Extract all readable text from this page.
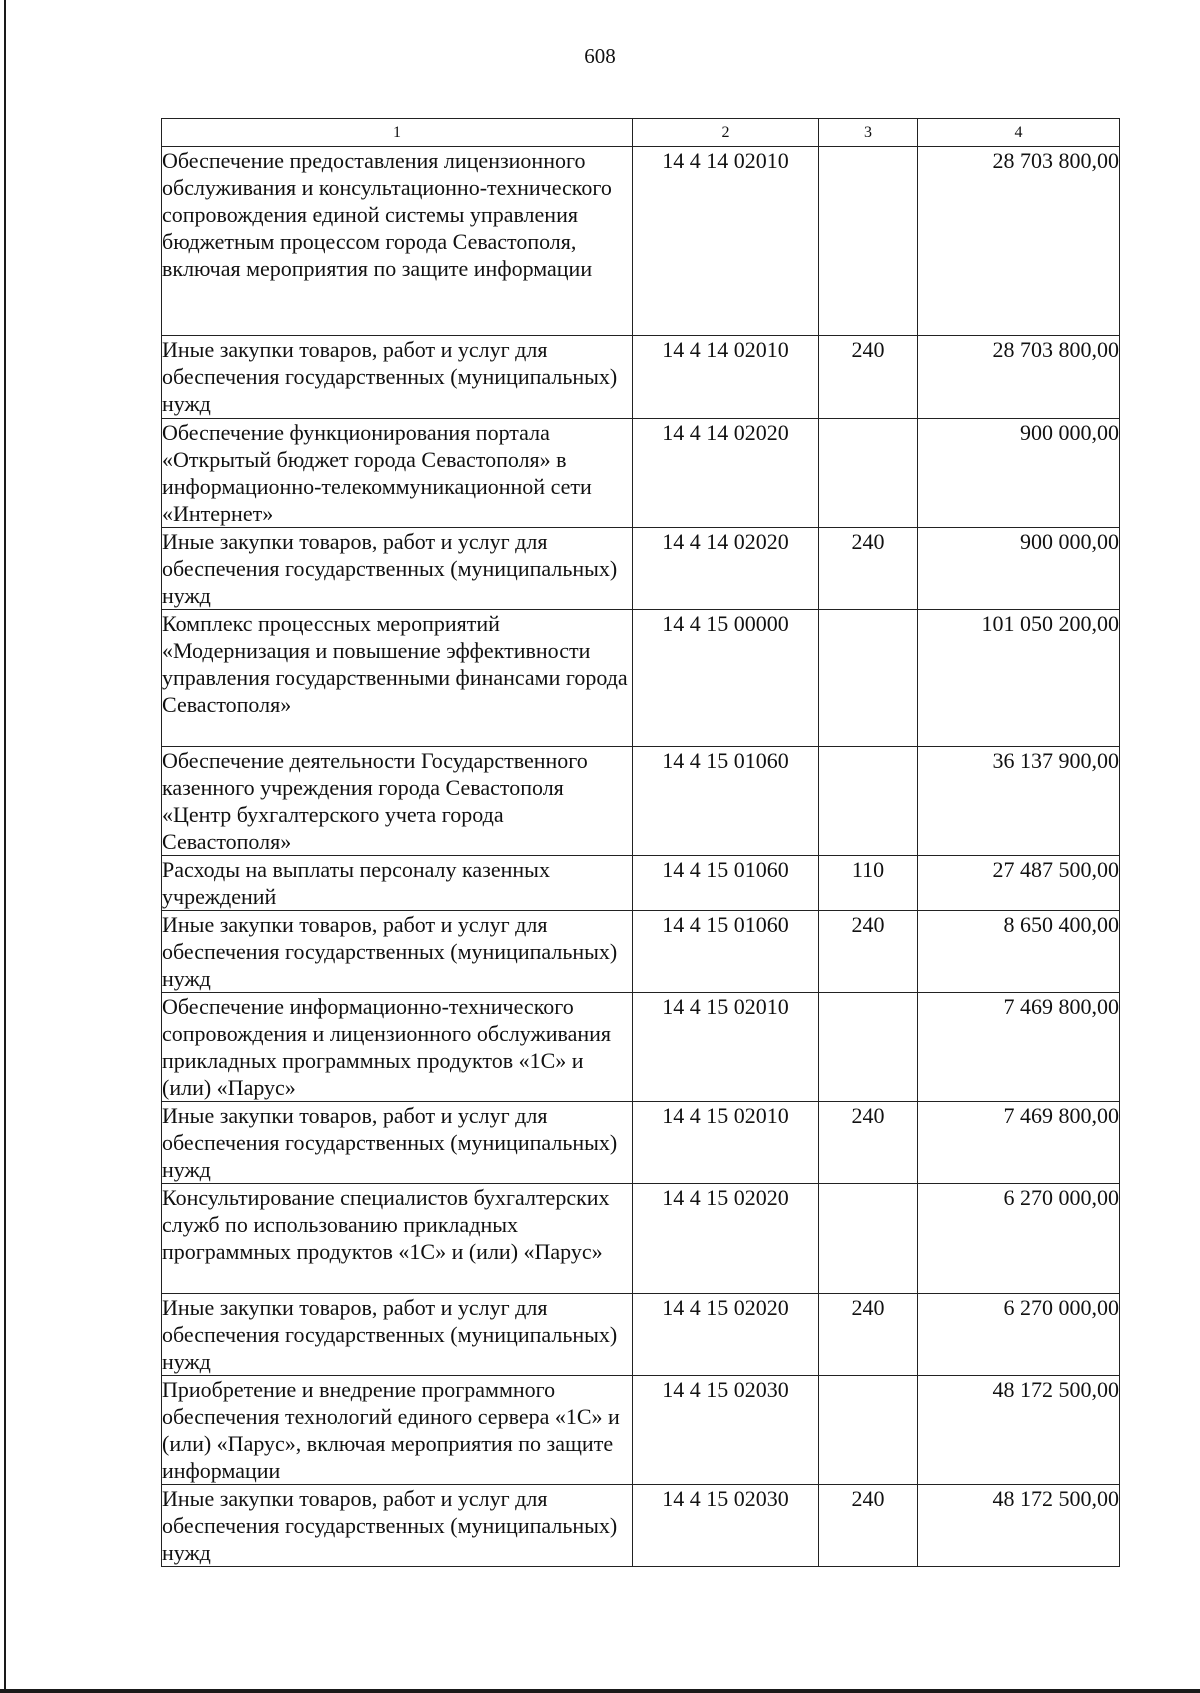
608
1	2	3	4
Обеспечение предоставления лицензионного обслуживания и консультационно-технического сопровождения единой системы управления бюджетным процессом города Севастополя, включая мероприятия по защите информации	14 4 14 02010		28 703 800,00
Иные закупки товаров, работ и услуг для обеспечения государственных (муниципальных) нужд	14 4 14 02010	240	28 703 800,00
Обеспечение функционирования портала «Открытый бюджет города Севастополя» в информационно-телекоммуникационной сети «Интернет»	14 4 14 02020		900 000,00
Иные закупки товаров, работ и услуг для обеспечения государственных (муниципальных) нужд	14 4 14 02020	240	900 000,00
Комплекс процессных мероприятий «Модернизация и повышение эффективности управления государственными финансами города Севастополя»	14 4 15 00000		101 050 200,00
Обеспечение деятельности Государственного казенного учреждения города Севастополя «Центр бухгалтерского учета города Севастополя»	14 4 15 01060		36 137 900,00
Расходы на выплаты персоналу казенных учреждений	14 4 15 01060	110	27 487 500,00
Иные закупки товаров, работ и услуг для обеспечения государственных (муниципальных) нужд	14 4 15 01060	240	8 650 400,00
Обеспечение информационно-технического сопровождения и лицензионного обслуживания прикладных программных продуктов «1С» и (или) «Парус»	14 4 15 02010		7 469 800,00
Иные закупки товаров, работ и услуг для обеспечения государственных (муниципальных) нужд	14 4 15 02010	240	7 469 800,00
Консультирование специалистов бухгалтерских служб по использованию прикладных программных продуктов «1С» и (или) «Парус»	14 4 15 02020		6 270 000,00
Иные закупки товаров, работ и услуг для обеспечения государственных (муниципальных) нужд	14 4 15 02020	240	6 270 000,00
Приобретение и внедрение программного обеспечения технологий единого сервера «1С» и (или) «Парус», включая мероприятия по защите информации	14 4 15 02030		48 172 500,00
Иные закупки товаров, работ и услуг для обеспечения государственных (муниципальных) нужд	14 4 15 02030	240	48 172 500,00
